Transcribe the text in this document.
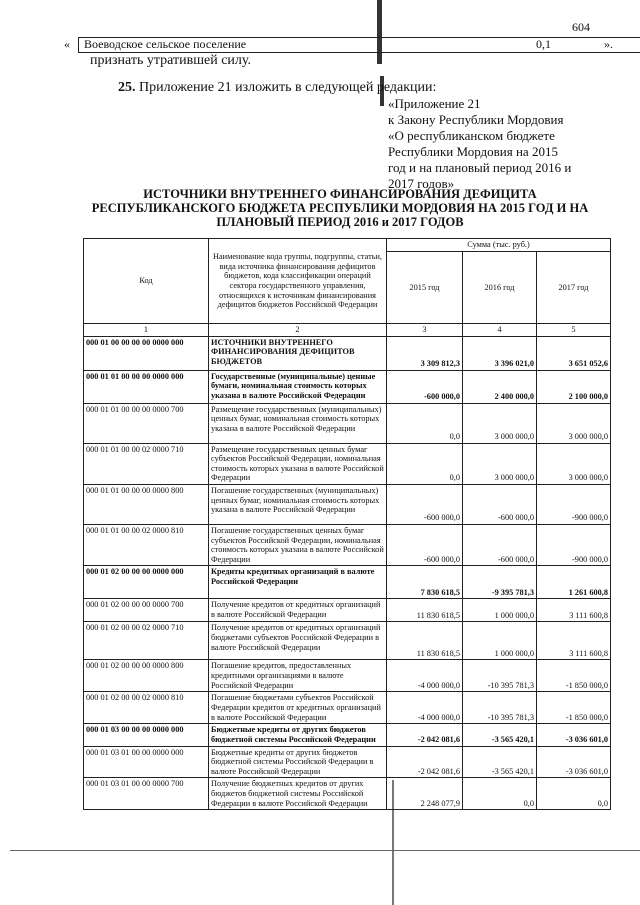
604
« Воеводское сельское поселение	0,1	».
признать утратившей силу.
25. Приложение 21 изложить в следующей редакции:
«Приложение 21
к Закону Республики Мордовия
«О республиканском бюджете
Республики Мордовия на 2015
год и на плановый период 2016 и
2017 годов»
ИСТОЧНИКИ ВНУТРЕННЕГО ФИНАНСИРОВАНИЯ ДЕФИЦИТА РЕСПУБЛИКАНСКОГО БЮДЖЕТА РЕСПУБЛИКИ МОРДОВИЯ НА 2015 ГОД И НА ПЛАНОВЫЙ ПЕРИОД 2016 и 2017 ГОДОВ
Код	Наименование кода группы, подгруппы, статьи, вида источника финансирования дефицитов бюджетов, кода классификации операций сектора государственного управления, относящихся к источникам финансирования дефицитов бюджетов Российской Федерации	Сумма (тыс. руб.)		
		2015 год	2016 год	2017 год
1	2	3	4	5
000 01 00 00 00 00 0000 000	ИСТОЧНИКИ ВНУТРЕННЕГО ФИНАНСИРОВАНИЯ ДЕФИЦИТОВ БЮДЖЕТОВ	3 309 812,3	3 396 021,0	3 651 052,6
000 01 01 00 00 00 0000 000	Государственные (муниципальные) ценные бумаги, номинальная стоимость которых указана в валюте Российской Федерации	-600 000,0	2 400 000,0	2 100 000,0
000 01 01 00 00 00 0000 700	Размещение государственных (муниципальных) ценных бумаг, номинальная стоимость которых указана в валюте Российской Федерации	0,0	3 000 000,0	3 000 000,0
000 01 01 00 00 02 0000 710	Размещение государственных ценных бумаг субъектов Российской Федерации, номинальная стоимость которых указана в валюте Российской Федерации	0,0	3 000 000,0	3 000 000,0
000 01 01 00 00 00 0000 800	Погашение государственных (муниципальных) ценных бумаг, номинальная стоимость которых указана в валюте Российской Федерации	-600 000,0	-600 000,0	-900 000,0
000 01 01 00 00 02 0000 810	Погашение государственных ценных бумаг субъектов Российской Федерации, номинальная стоимость которых указана в валюте Российской Федерации	-600 000,0	-600 000,0	-900 000,0
000 01 02 00 00 00 0000 000	Кредиты кредитных организаций в валюте Российской Федерации	7 830 618,5	-9 395 781,3	1 261 600,8
000 01 02 00 00 00 0000 700	Получение кредитов от кредитных организаций в валюте Российской Федерации	11 830 618,5	1 000 000,0	3 111 600,8
000 01 02 00 00 02 0000 710	Получение кредитов от кредитных организаций бюджетами субъектов Российской Федерации в валюте Российской Федерации	11 830 618,5	1 000 000,0	3 111 600,8
000 01 02 00 00 00 0000 800	Погашение кредитов, предоставленных кредитными организациями в валюте Российской Федерации	-4 000 000,0	-10 395 781,3	-1 850 000,0
000 01 02 00 00 02 0000 810	Погашение бюджетами субъектов Российской Федерации кредитов от кредитных организаций в валюте Российской Федерации	-4 000 000,0	-10 395 781,3	-1 850 000,0
000 01 03 00 00 00 0000 000	Бюджетные кредиты от других бюджетов бюджетной системы Российской Федерации	-2 042 081,6	-3 565 420,1	-3 036 601,0
000 01 03 01 00 00 0000 000	Бюджетные кредиты от других бюджетов бюджетной системы Российской Федерации в валюте Российской Федерации	-2 042 081,6	-3 565 420,1	-3 036 601,0
000 01 03 01 00 00 0000 700	Получение бюджетных кредитов от других бюджетов бюджетной системы Российской Федерации в валюте Российской Федерации	2 248 077,9	0,0	0,0
